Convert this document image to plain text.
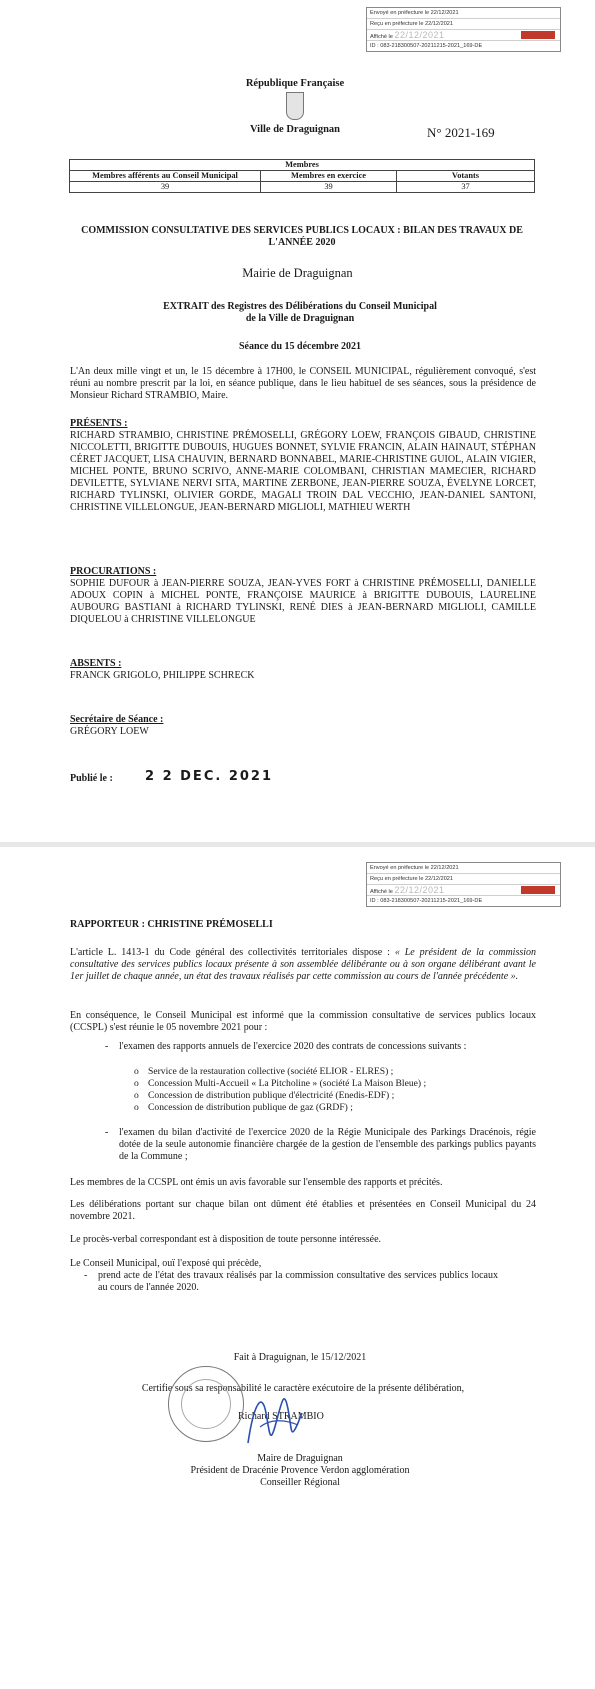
Envoyé en préfecture le 22/12/2021
Reçu en préfecture le 22/12/2021
Affiché le 22/12/2021
ID : 083-218300507-20211215-2021_169-DE
République Française
Ville de Draguignan	N° 2021-169
Membres		
Membres afférents au Conseil Municipal	Membres en exercice	Votants
39	39	37
COMMISSION CONSULTATIVE DES SERVICES PUBLICS LOCAUX : BILAN DES TRAVAUX DE L'ANNÉE 2020
Mairie de Draguignan
EXTRAIT des Registres des Délibérations du Conseil Municipal
de la Ville de Draguignan
Séance du 15 décembre 2021
L'An deux mille vingt et un, le 15 décembre à 17H00, le CONSEIL MUNICIPAL, régulièrement convoqué, s'est réuni au nombre prescrit par la loi, en séance publique, dans le lieu habituel de ses séances, sous la présidence de Monsieur Richard STRAMBIO, Maire.
PRÉSENTS :
RICHARD STRAMBIO, CHRISTINE PRÉMOSELLI, GRÉGORY LOEW, FRANÇOIS GIBAUD, CHRISTINE NICCOLETTI, BRIGITTE DUBOUIS, HUGUES BONNET, SYLVIE FRANCIN, ALAIN HAINAUT, STÉPHAN CÉRET JACQUET, LISA CHAUVIN, BERNARD BONNABEL, MARIE-CHRISTINE GUIOL, ALAIN VIGIER, MICHEL PONTE, BRUNO SCRIVO, ANNE-MARIE COLOMBANI, CHRISTIAN MAMECIER, RICHARD DEVILETTE, SYLVIANE NERVI SITA, MARTINE ZERBONE, JEAN-PIERRE SOUZA, ÉVELYNE LORCET, RICHARD TYLINSKI, OLIVIER GORDE, MAGALI TROIN DAL VECCHIO, JEAN-DANIEL SANTONI, CHRISTINE VILLELONGUE, JEAN-BERNARD MIGLIOLI, MATHIEU WERTH
PROCURATIONS :
SOPHIE DUFOUR à JEAN-PIERRE SOUZA, JEAN-YVES FORT à CHRISTINE PRÉMOSELLI, DANIELLE ADOUX COPIN à MICHEL PONTE, FRANÇOISE MAURICE à BRIGITTE DUBOUIS, LAURELINE AUBOURG BASTIANI à RICHARD TYLINSKI, RENÉ DIES à JEAN-BERNARD MIGLIOLI, CAMILLE DIQUELOU à CHRISTINE VILLELONGUE
ABSENTS :
FRANCK GRIGOLO, PHILIPPE SCHRECK
Secrétaire de Séance :
GRÉGORY LOEW
Publié le : 2 2 DEC. 2021
Envoyé en préfecture le 22/12/2021
Reçu en préfecture le 22/12/2021
Affiché le 22/12/2021
ID : 083-218300507-20211215-2021_169-DE
RAPPORTEUR : CHRISTINE PRÉMOSELLI
L'article L. 1413-1 du Code général des collectivités territoriales dispose : « Le président de la commission consultative des services publics locaux présente à son assemblée délibérante ou à son organe délibérant avant le 1er juillet de chaque année, un état des travaux réalisés par cette commission au cours de l'année précédente ».
En conséquence, le Conseil Municipal est informé que la commission consultative de services publics locaux (CCSPL) s'est réunie le 05 novembre 2021 pour :
- l'examen des rapports annuels de l'exercice 2020 des contrats de concessions suivants :
o Service de la restauration collective (société ELIOR - ELRES) ;
o Concession Multi-Accueil « La Pitcholine » (société La Maison Bleue) ;
o Concession de distribution publique d'électricité (Enedis-EDF) ;
o Concession de distribution publique de gaz (GRDF) ;
- l'examen du bilan d'activité de l'exercice 2020 de la Régie Municipale des Parkings Dracénois, régie dotée de la seule autonomie financière chargée de la gestion de l'ensemble des parkings publics payants de la Commune ;
Les membres de la CCSPL ont émis un avis favorable sur l'ensemble des rapports et précités.
Les délibérations portant sur chaque bilan ont dûment été établies et présentées en Conseil Municipal du 24 novembre 2021.
Le procès-verbal correspondant est à disposition de toute personne intéressée.
Le Conseil Municipal, ouï l'exposé qui précède,
- prend acte de l'état des travaux réalisés par la commission consultative des services publics locaux au cours de l'année 2020.
Fait à Draguignan, le 15/12/2021
Certifie sous sa responsabilité le caractère exécutoire de la présente délibération,
Richard STRAMBIO
Maire de Draguignan
Président de Dracénie Provence Verdon agglomération
Conseiller Régional
